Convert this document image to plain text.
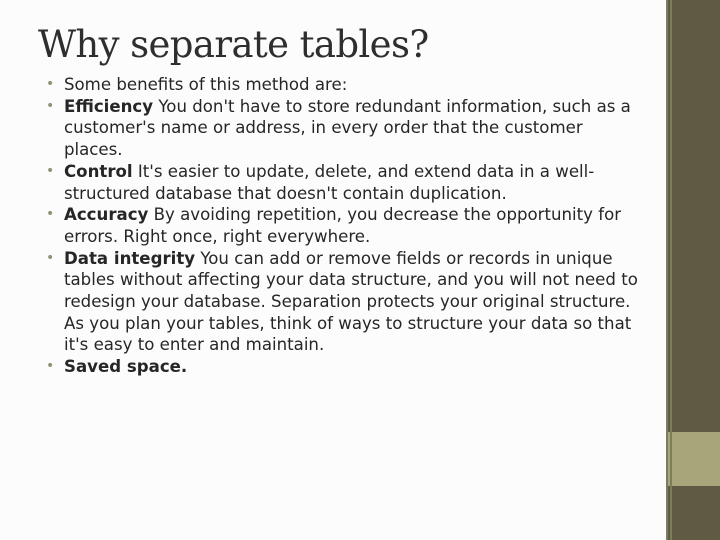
Why separate tables?
• Some benefits of this method are:
• Efficiency You don't have to store redundant information, such as a customer's name or address, in every order that the customer places.
• Control It's easier to update, delete, and extend data in a well-structured database that doesn't contain duplication.
• Accuracy By avoiding repetition, you decrease the opportunity for errors. Right once, right everywhere.
• Data integrity You can add or remove fields or records in unique tables without affecting your data structure, and you will not need to redesign your database. Separation protects your original structure. As you plan your tables, think of ways to structure your data so that it's easy to enter and maintain.
• Saved space.
